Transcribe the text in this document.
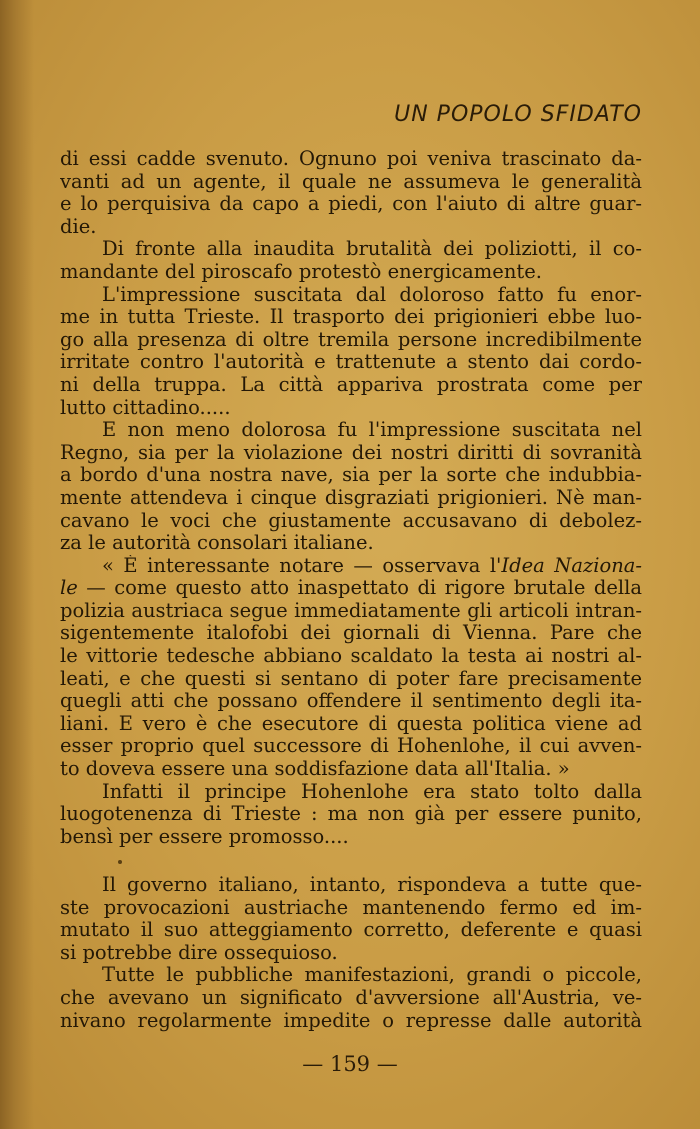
UN POPOLO SFIDATO

di essi cadde svenuto. Ognuno poi veniva trascinato da-
vanti ad un agente, il quale ne assumeva le generalità
e lo perquisiva da capo a piedi, con l'aiuto di altre guar-
die.
Di fronte alla inaudita brutalità dei poliziotti, il co-
mandante del piroscafo protestò energicamente.
L'impressione suscitata dal doloroso fatto fu enor-
me in tutta Trieste. Il trasporto dei prigionieri ebbe luo-
go alla presenza di oltre tremila persone incredibilmente
irritate contro l'autorità e trattenute a stento dai cordo-
ni della truppa. La città appariva prostrata come per
lutto cittadino.....
E non meno dolorosa fu l'impressione suscitata nel
Regno, sia per la violazione dei nostri diritti di sovranità
a bordo d'una nostra nave, sia per la sorte che indubbia-
mente attendeva i cinque disgraziati prigionieri. Nè man-
cavano le voci che giustamente accusavano di debolez-
za le autorità consolari italiane.
« È interessante notare — osservava l'Idea Naziona-
le — come questo atto inaspettato di rigore brutale della
polizia austriaca segue immediatamente gli articoli intran-
sigentemente italofobi dei giornali di Vienna. Pare che
le vittorie tedesche abbiano scaldato la testa ai nostri al-
leati, e che questi si sentano di poter fare precisamente
quegli atti che possano offendere il sentimento degli ita-
liani. E vero è che esecutore di questa politica viene ad
esser proprio quel successore di Hohenlohe, il cui avven-
to doveva essere una soddisfazione data all'Italia. »
Infatti il principe Hohenlohe era stato tolto dalla
luogotenenza di Trieste : ma non già per essere punito,
bensì per essere promosso....
Il governo italiano, intanto, rispondeva a tutte que-
ste provocazioni austriache mantenendo fermo ed im-
mutato il suo atteggiamento corretto, deferente e quasi
si potrebbe dire ossequioso.
Tutte le pubbliche manifestazioni, grandi o piccole,
che avevano un significato d'avversione all'Austria, ve-
nivano regolarmente impedite o represse dalle autorità

— 159 —
